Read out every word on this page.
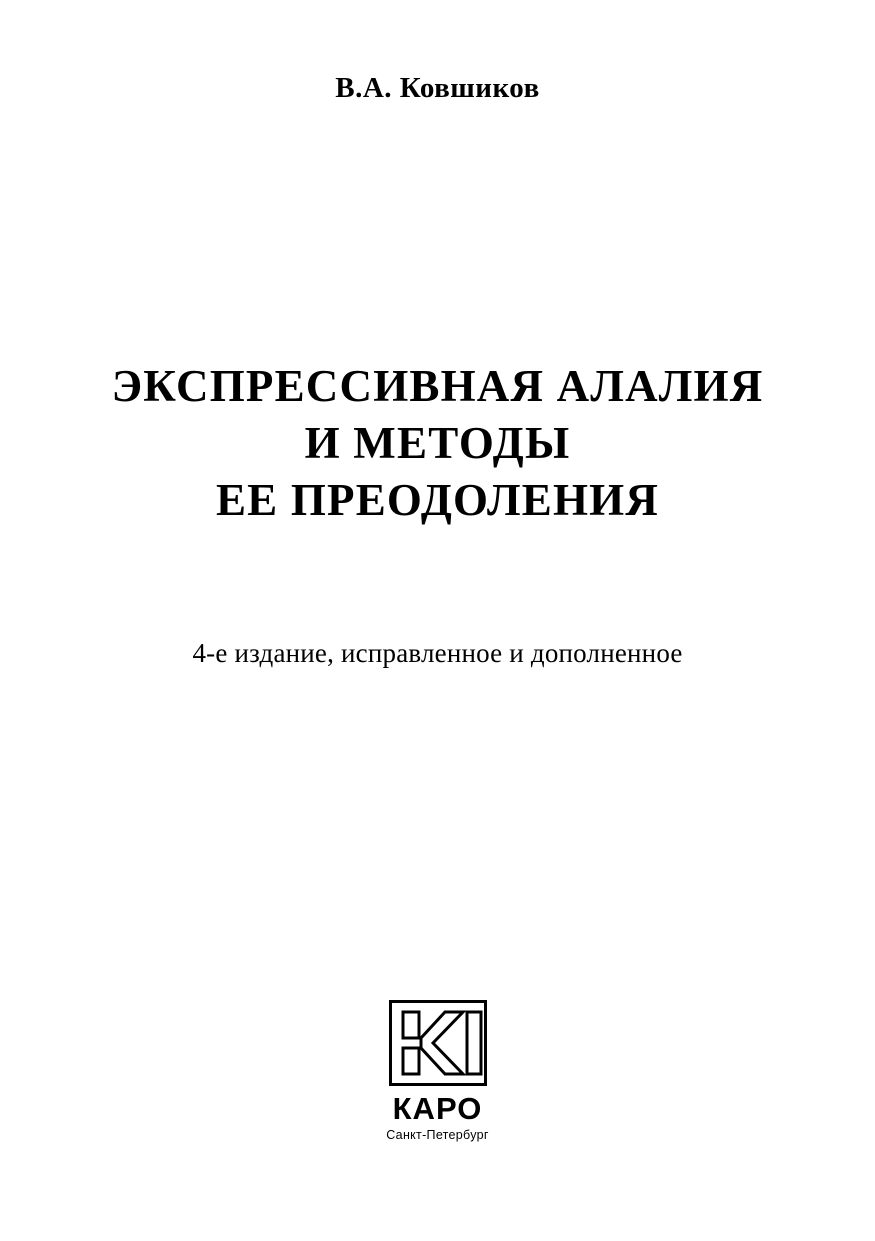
В.А. Ковшиков
ЭКСПРЕССИВНАЯ АЛАЛИЯ
И МЕТОДЫ
ЕЕ ПРЕОДОЛЕНИЯ
4-е издание, исправленное и дополненное
КАРО
Санкт-Петербург
